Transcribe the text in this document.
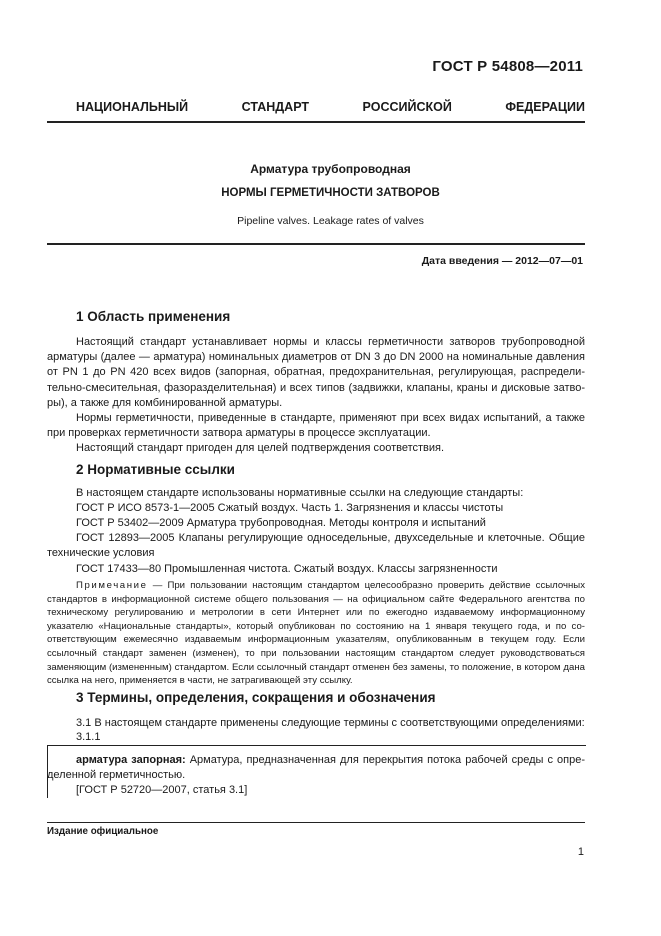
ГОСТ Р 54808—2011
НАЦИОНАЛЬНЫЙ СТАНДАРТ РОССИЙСКОЙ ФЕДЕРАЦИИ
Арматура трубопроводная
НОРМЫ ГЕРМЕТИЧНОСТИ ЗАТВОРОВ
Pipeline valves. Leakage rates of valves
Дата введения — 2012—07—01
1 Область применения

Настоящий стандарт устанавливает нормы и классы герметичности затворов трубопроводной арматуры (далее — арматура) номинальных диаметров от DN 3 до DN 2000 на номинальные давления от PN 1 до PN 420 всех видов (запорная, обратная, предохранительная, регулирующая, распредели-тельно-смесительная, фазоразделительная) и всех типов (задвижки, клапаны, краны и дисковые затво-ры), а также для комбинированной арматуры.

Нормы герметичности, приведенные в стандарте, применяют при всех видах испытаний, а также при проверках герметичности затвора арматуры в процессе эксплуатации.

Настоящий стандарт пригоден для целей подтверждения соответствия.

2 Нормативные ссылки

В настоящем стандарте использованы нормативные ссылки на следующие стандарты:

ГОСТ Р ИСО 8573-1—2005 Сжатый воздух. Часть 1. Загрязнения и классы чистоты

ГОСТ Р 53402—2009 Арматура трубопроводная. Методы контроля и испытаний

ГОСТ 12893—2005 Клапаны регулирующие односедельные, двухседельные и клеточные. Общие технические условия

ГОСТ 17433—80 Промышленная чистота. Сжатый воздух. Классы загрязненности

Примечание — При пользовании настоящим стандартом целесообразно проверить действие ссылочных стандартов в информационной системе общего пользования — на официальном сайте Федерального агентства по техническому регулированию и метрологии в сети Интернет или по ежегодно издаваемому информационному указателю «Национальные стандарты», который опубликован по состоянию на 1 января текущего года, и по со-ответствующим ежемесячно издаваемым информационным указателям, опубликованным в текущем году. Если ссылочный стандарт заменен (изменен), то при пользовании настоящим стандартом следует руководствоваться заменяющим (измененным) стандартом. Если ссылочный стандарт отменен без замены, то положение, в котором дана ссылка на него, применяется в части, не затрагивающей эту ссылку.

3 Термины, определения, сокращения и обозначения

3.1 В настоящем стандарте применены следующие термины с соответствующими определениями:

3.1.1

арматура запорная: Арматура, предназначенная для перекрытия потока рабочей среды с опре-деленной герметичностью.

[ГОСТ Р 52720—2007, статья 3.1]

Издание официальное
1
